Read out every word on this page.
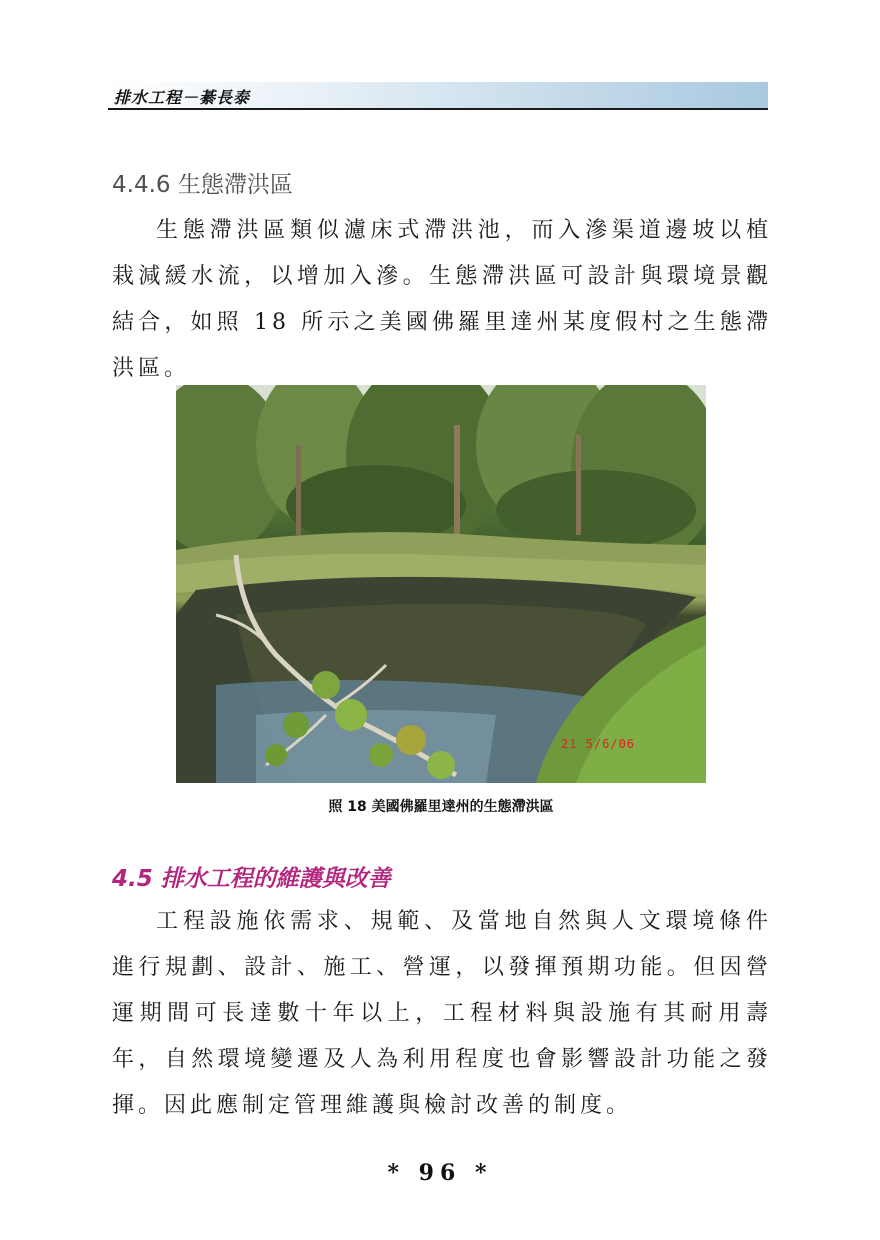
排水工程－綦長泰
4.4.6 生態滯洪區

生態滯洪區類似濾床式滯洪池，而入滲渠道邊坡以植栽減緩水流，以增加入滲。生態滯洪區可設計與環境景觀結合，如照 18 所示之美國佛羅里達州某度假村之生態滯洪區。

21 5/6/06
照 18 美國佛羅里達州的生態滯洪區
4.5 排水工程的維護與改善

工程設施依需求、規範、及當地自然與人文環境條件進行規劃、設計、施工、營運，以發揮預期功能。但因營運期間可長達數十年以上，工程材料與設施有其耐用壽年，自然環境變遷及人為利用程度也會影響設計功能之發揮。因此應制定管理維護與檢討改善的制度。

* 96 *
